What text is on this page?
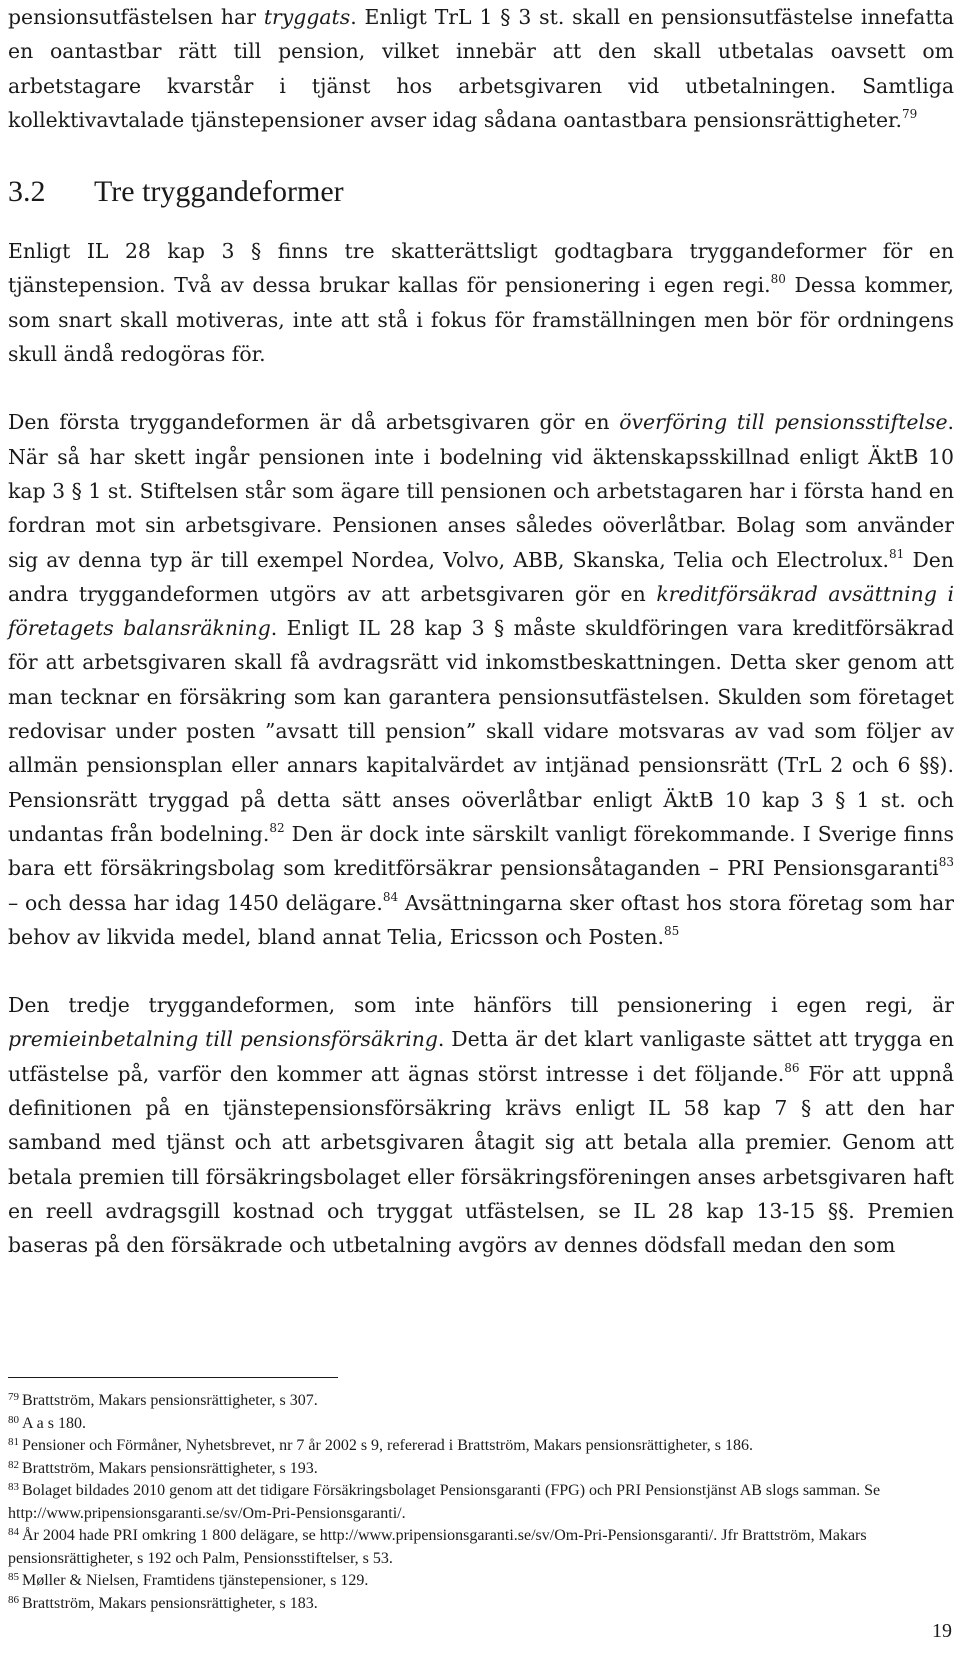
pensionsutfästelsen har tryggats. Enligt TrL 1 § 3 st. skall en pensionsutfästelse innefatta en oantastbar rätt till pension, vilket innebär att den skall utbetalas oavsett om arbetstagare kvarstår i tjänst hos arbetsgivaren vid utbetalningen. Samtliga kollektivavtalade tjänstepensioner avser idag sådana oantastbara pensionsrättigheter.$^{79}$

3.2 Tre tryggandeformer

Enligt IL 28 kap 3 § finns tre skatterättsligt godtagbara tryggandeformer för en tjänstepension. Två av dessa brukar kallas för pensionering i egen regi.$^{80}$ Dessa kommer, som snart skall motiveras, inte att stå i fokus för framställningen men bör för ordningens skull ändå redogöras för.

Den första tryggandeformen är då arbetsgivaren gör en överföring till pensionsstiftelse. När så har skett ingår pensionen inte i bodelning vid äktenskapsskillnad enligt ÄktB 10 kap 3 § 1 st. Stiftelsen står som ägare till pensionen och arbetstagaren har i första hand en fordran mot sin arbetsgivare. Pensionen anses således oöverlåtbar. Bolag som använder sig av denna typ är till exempel Nordea, Volvo, ABB, Skanska, Telia och Electrolux.$^{81}$ Den andra tryggandeformen utgörs av att arbetsgivaren gör en kreditförsäkrad avsättning i företagets balansräkning. Enligt IL 28 kap 3 § måste skuldföringen vara kreditförsäkrad för att arbetsgivaren skall få avdragsrätt vid inkomstbeskattningen. Detta sker genom att man tecknar en försäkring som kan garantera pensionsutfästelsen. Skulden som företaget redovisar under posten ”avsatt till pension” skall vidare motsvaras av vad som följer av allmän pensionsplan eller annars kapitalvärdet av intjänad pensionsrätt (TrL 2 och 6 §§). Pensionsrätt tryggad på detta sätt anses oöverlåtbar enligt ÄktB 10 kap 3 § 1 st. och undantas från bodelning.$^{82}$ Den är dock inte särskilt vanligt förekommande. I Sverige finns bara ett försäkringsbolag som kreditförsäkrar pensionsåtaganden – PRI Pensionsgaranti$^{83}$ – och dessa har idag 1450 delägare.$^{84}$ Avsättningarna sker oftast hos stora företag som har behov av likvida medel, bland annat Telia, Ericsson och Posten.$^{85}$

Den tredje tryggandeformen, som inte hänförs till pensionering i egen regi, är premieinbetalning till pensionsförsäkring. Detta är det klart vanligaste sättet att trygga en utfästelse på, varför den kommer att ägnas störst intresse i det följande.$^{86}$ För att uppnå definitionen på en tjänstepensionsförsäkring krävs enligt IL 58 kap 7 § att den har samband med tjänst och att arbetsgivaren åtagit sig att betala alla premier. Genom att betala premien till försäkringsbolaget eller försäkringsföreningen anses arbetsgivaren haft en reell avdragsgill kostnad och tryggat utfästelsen, se IL 28 kap 13-15 §§. Premien baseras på den försäkrade och utbetalning avgörs av dennes dödsfall medan den som

$^{79}$ Brattström, Makars pensionsrättigheter, s 307.

$^{80}$ A a s 180.

$^{81}$ Pensioner och Förmåner, Nyhetsbrevet, nr 7 år 2002 s 9, refererad i Brattström, Makars pensionsrättigheter, s 186.

$^{82}$ Brattström, Makars pensionsrättigheter, s 193.

$^{83}$ Bolaget bildades 2010 genom att det tidigare Försäkringsbolaget Pensionsgaranti (FPG) och PRI Pensionstjänst AB slogs samman. Se http://www.pripensionsgaranti.se/sv/Om-Pri-Pensionsgaranti/.

$^{84}$ År 2004 hade PRI omkring 1 800 delägare, se http://www.pripensionsgaranti.se/sv/Om-Pri-Pensionsgaranti/. Jfr Brattström, Makars pensionsrättigheter, s 192 och Palm, Pensionsstiftelser, s 53.

$^{85}$ Møller & Nielsen, Framtidens tjänstepensioner, s 129.

$^{86}$ Brattström, Makars pensionsrättigheter, s 183.

19
